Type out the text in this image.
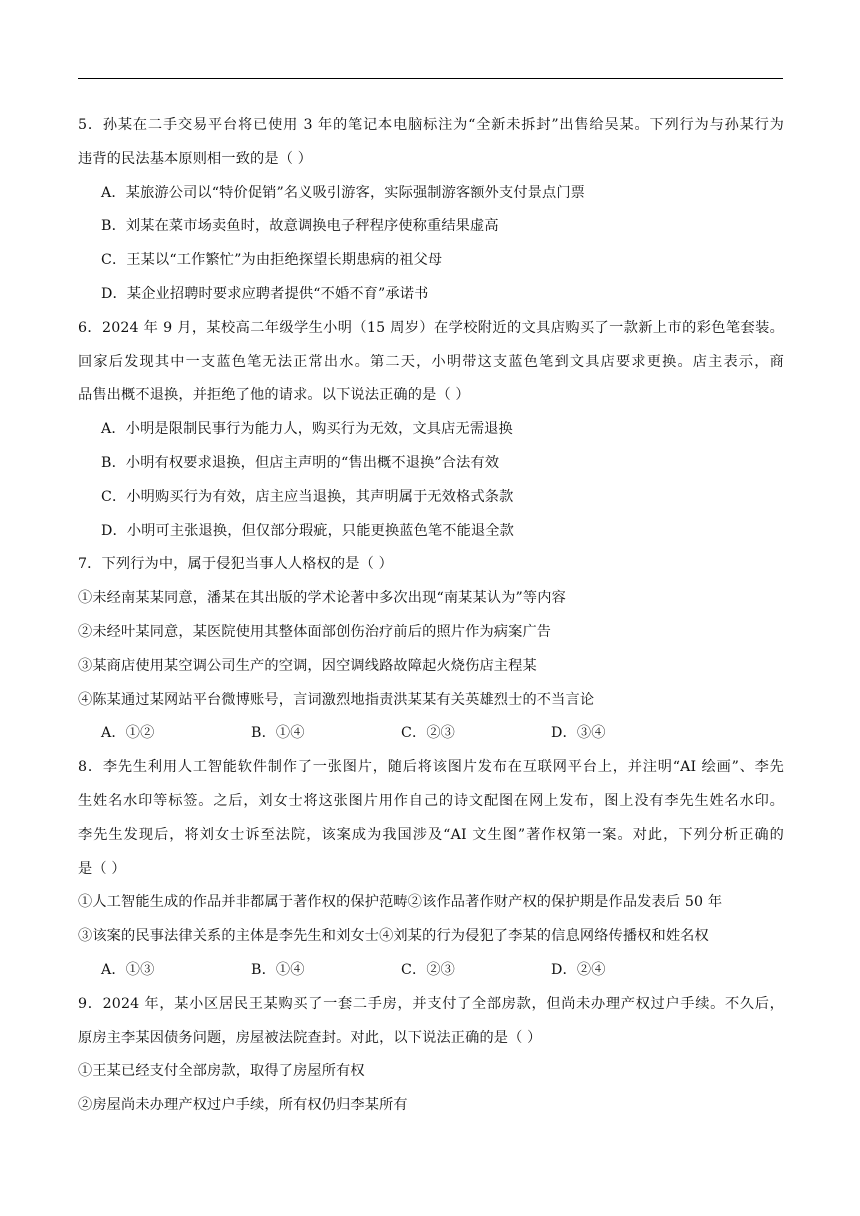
5．孙某在二手交易平台将已使用 3 年的笔记本电脑标注为“全新未拆封”出售给吴某。下列行为与孙某行为
违背的民法基本原则相一致的是（ ）
A．某旅游公司以“特价促销”名义吸引游客，实际强制游客额外支付景点门票
B．刘某在菜市场卖鱼时，故意调换电子秤程序使称重结果虚高
C．王某以“工作繁忙”为由拒绝探望长期患病的祖父母
D．某企业招聘时要求应聘者提供“不婚不育”承诺书
6．2024 年 9 月，某校高二年级学生小明（15 周岁）在学校附近的文具店购买了一款新上市的彩色笔套装。
回家后发现其中一支蓝色笔无法正常出水。第二天，小明带这支蓝色笔到文具店要求更换。店主表示，商
品售出概不退换，并拒绝了他的请求。以下说法正确的是（ ）
A．小明是限制民事行为能力人，购买行为无效，文具店无需退换
B．小明有权要求退换，但店主声明的“售出概不退换”合法有效
C．小明购买行为有效，店主应当退换，其声明属于无效格式条款
D．小明可主张退换，但仅部分瑕疵，只能更换蓝色笔不能退全款
7．下列行为中，属于侵犯当事人人格权的是（ ）
①未经南某某同意，潘某在其出版的学术论著中多次出现“南某某认为”等内容
②未经叶某同意，某医院使用其整体面部创伤治疗前后的照片作为病案广告
③某商店使用某空调公司生产的空调，因空调线路故障起火烧伤店主程某
④陈某通过某网站平台微博账号，言词激烈地指责洪某某有关英雄烈士的不当言论
A．①②	B．①④	C．②③	D．③④
8．李先生利用人工智能软件制作了一张图片，随后将该图片发布在互联网平台上，并注明“AI 绘画”、李先
生姓名水印等标签。之后，刘女士将这张图片用作自己的诗文配图在网上发布，图上没有李先生姓名水印。
李先生发现后，将刘女士诉至法院，该案成为我国涉及“AI 文生图”著作权第一案。对此，下列分析正确的
是（ ）
①人工智能生成的作品并非都属于著作权的保护范畴②该作品著作财产权的保护期是作品发表后 50 年
③该案的民事法律关系的主体是李先生和刘女士④刘某的行为侵犯了李某的信息网络传播权和姓名权
A．①③	B．①④	C．②③	D．②④
9．2024 年，某小区居民王某购买了一套二手房，并支付了全部房款，但尚未办理产权过户手续。不久后，
原房主李某因债务问题，房屋被法院查封。对此，以下说法正确的是（ ）
①王某已经支付全部房款，取得了房屋所有权
②房屋尚未办理产权过户手续，所有权仍归李某所有
